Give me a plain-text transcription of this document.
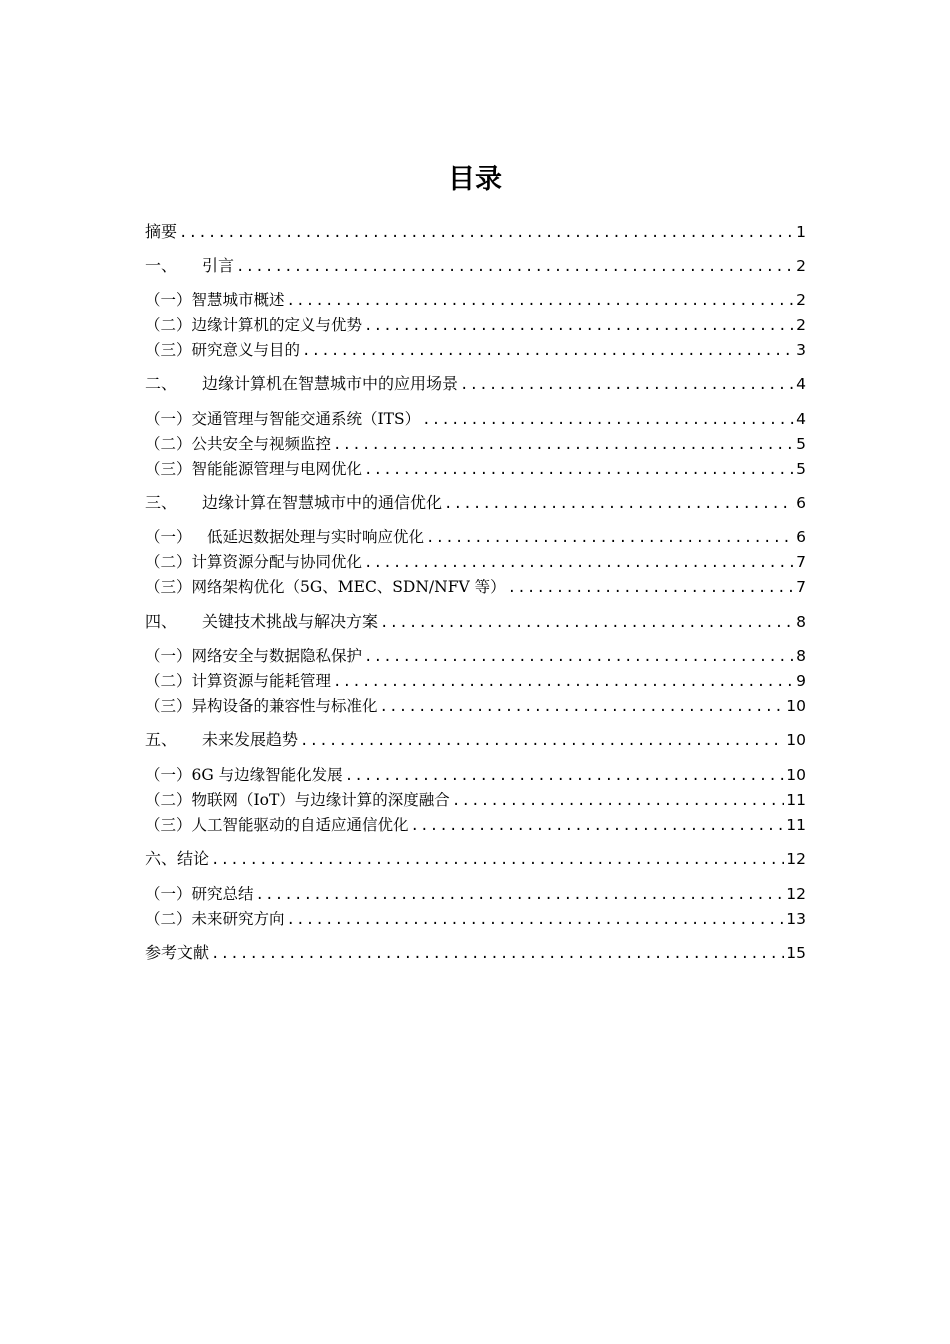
目录
摘要 .....	1
一、	引言 .....	2
（一） 智慧城市概述 .....	2
（二） 边缘计算机的定义与优势 .....	2
（三） 研究意义与目的 .....	3
二、	边缘计算机在智慧城市中的应用场景 .....	4
（一） 交通管理与智能交通系统（ITS） .....	4
（二） 公共安全与视频监控 .....	5
（三） 智能能源管理与电网优化 .....	5
三、	边缘计算在智慧城市中的通信优化 .....	6
（一） 　低延迟数据处理与实时响应优化 .....	6
（二） 计算资源分配与协同优化 .....	7
（三） 网络架构优化（5G、MEC、SDN/NFV 等） .....	7
四、	关键技术挑战与解决方案 .....	8
（一） 网络安全与数据隐私保护 .....	8
（二） 计算资源与能耗管理 .....	9
（三） 异构设备的兼容性与标准化 .....	10
五、	未来发展趋势 .....	10
（一） 6G 与边缘智能化发展 .....	10
（二） 物联网（IoT）与边缘计算的深度融合 .....	11
（三） 人工智能驱动的自适应通信优化 .....	11
六、结论 .....	12
（一） 研究总结 .....	12
（二） 未来研究方向 .....	13
参考文献 .....	15
